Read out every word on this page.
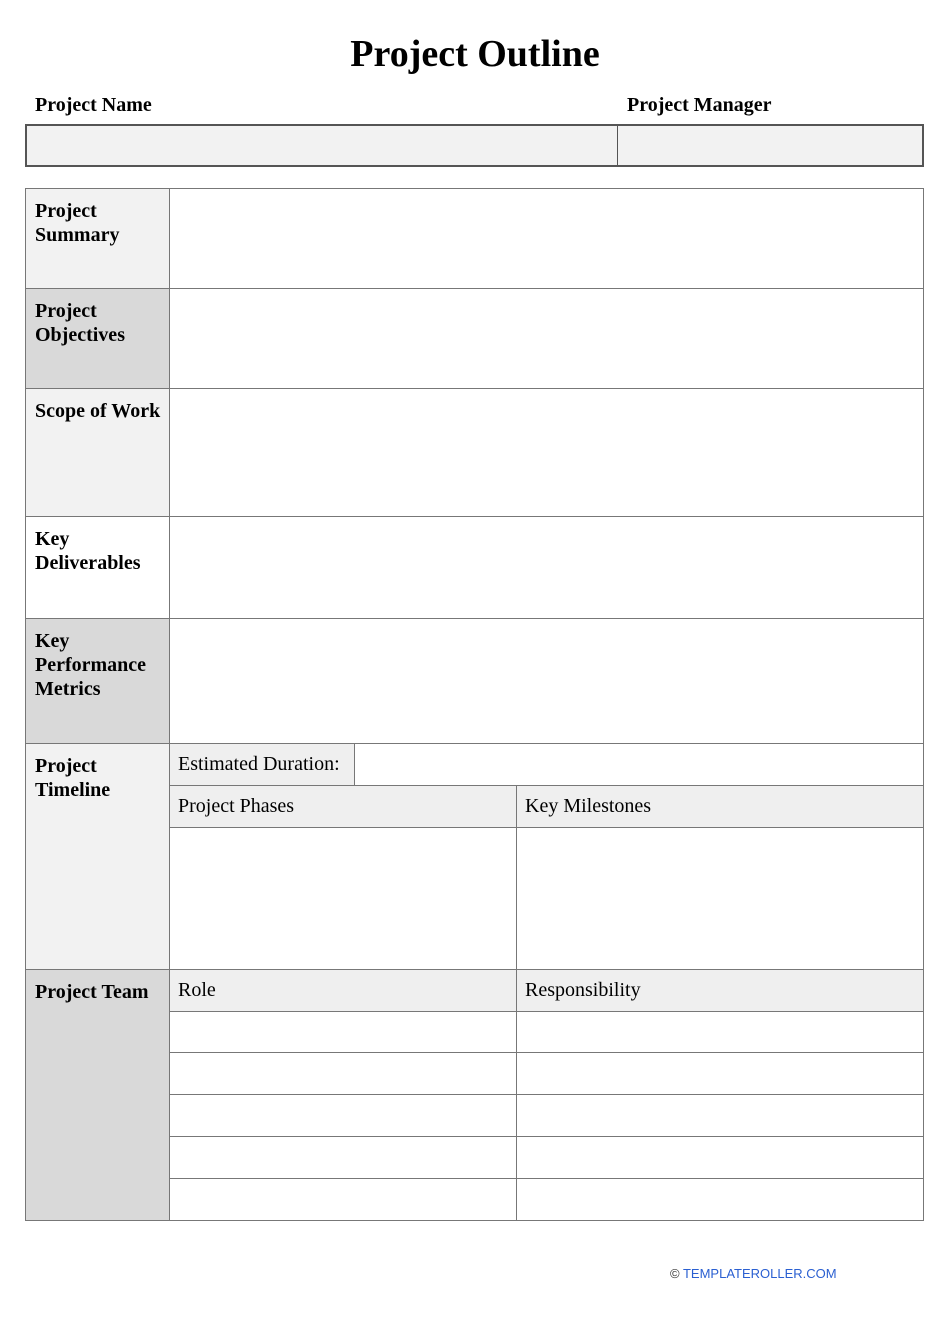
Project Outline
Project Name	Project Manager
Project Summary
Project Objectives
Scope of Work
Key Deliverables
Key Performance Metrics
Project Timeline
Estimated Duration:
Project Phases	Key Milestones
Project Team	Role	Responsibility
© TEMPLATEROLLER.COM
